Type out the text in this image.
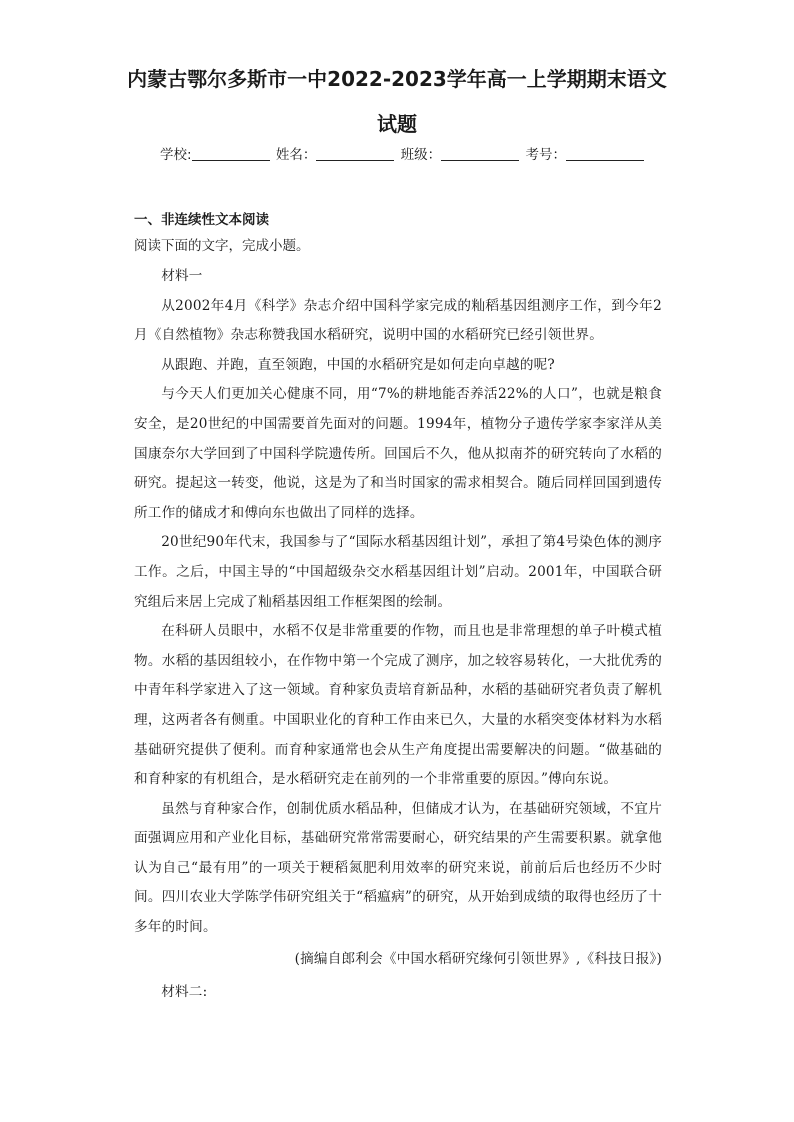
内蒙古鄂尔多斯市一中2022-2023学年高一上学期期末语文
试题
学校:	姓名：	班级：	考号：
一、非连续性文本阅读

阅读下面的文字，完成小题。

材料一

从2002年4月《科学》杂志介绍中国科学家完成的籼稻基因组测序工作，到今年2月《自然植物》杂志称赞我国水稻研究，说明中国的水稻研究已经引领世界。

从跟跑、并跑，直至领跑，中国的水稻研究是如何走向卓越的呢?

与今天人们更加关心健康不同，用“7%的耕地能否养活22%的人口”，也就是粮食安全，是20世纪的中国需要首先面对的问题。1994年，植物分子遗传学家李家洋从美国康奈尔大学回到了中国科学院遗传所。回国后不久，他从拟南芥的研究转向了水稻的研究。提起这一转变，他说，这是为了和当时国家的需求相契合。随后同样回国到遗传所工作的储成才和傅向东也做出了同样的选择。

20世纪90年代末，我国参与了“国际水稻基因组计划”，承担了第4号染色体的测序工作。之后，中国主导的“中国超级杂交水稻基因组计划”启动。2001年，中国联合研究组后来居上完成了籼稻基因组工作框架图的绘制。

在科研人员眼中，水稻不仅是非常重要的作物，而且也是非常理想的单子叶模式植物。水稻的基因组较小，在作物中第一个完成了测序，加之较容易转化，一大批优秀的中青年科学家进入了这一领域。育种家负责培育新品种，水稻的基础研究者负责了解机理，这两者各有侧重。中国职业化的育种工作由来已久，大量的水稻突变体材料为水稻基础研究提供了便利。而育种家通常也会从生产角度提出需要解决的问题。“做基础的和育种家的有机组合，是水稻研究走在前列的一个非常重要的原因。”傅向东说。

虽然与育种家合作，创制优质水稻品种，但储成才认为，在基础研究领域，不宜片面强调应用和产业化目标，基础研究常常需要耐心，研究结果的产生需要积累。就拿他认为自己“最有用”的一项关于粳稻氮肥利用效率的研究来说，前前后后也经历不少时间。四川农业大学陈学伟研究组关于“稻瘟病”的研究，从开始到成绩的取得也经历了十多年的时间。

(摘编自郎利会《中国水稻研究缘何引领世界》,《科技日报》)

材料二:
